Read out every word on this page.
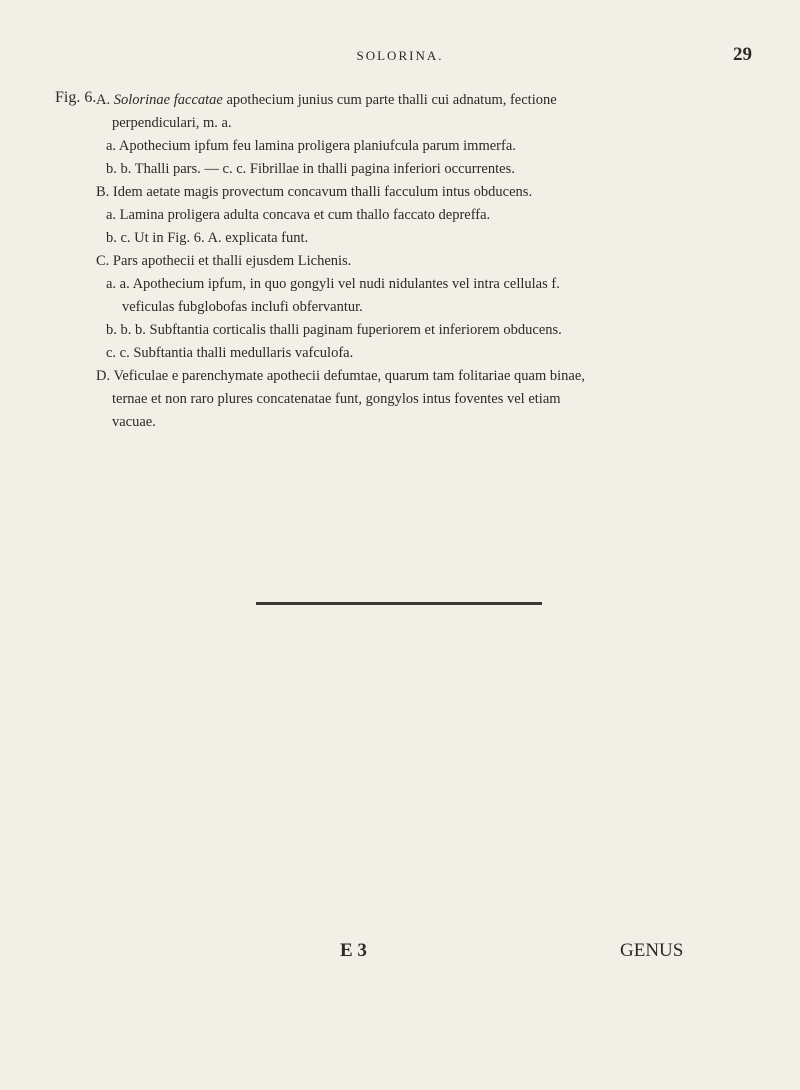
SOLORINA.	29
Fig. 6. A. Solorinae faccatae apothecium junius cum parte thalli cui adnatum, fectione
perpendiculari, m. a.

a. Apothecium ipfum feu lamina proligera planiufcula parum immerfa.

b. b. Thalli pars. — c. c. Fibrillae in thalli pagina inferiori occurrentes.

B. Idem aetate magis provectum concavum thalli facculum intus obducens.

a. Lamina proligera adulta concava et cum thallo faccato depreffa.

b. c. Ut in Fig. 6. A. explicata funt.

C. Pars apothecii et thalli ejusdem Lichenis.

a. a. Apothecium ipfum, in quo gongyli vel nudi nidulantes vel intra cellulas f.
veficulas fubglobofas inclufi obfervantur.

b. b. b. Subftantia corticalis thalli paginam fuperiorem et inferiorem obducens.

c. c. Subftantia thalli medullaris vafculofa.

D. Veficulae e parenchymate apothecii defumtae, quarum tam folitariae quam binae,
ternae et non raro plures concatenatae funt, gongylos intus foventes vel etiam
vacuae.

E 3	GENUS
